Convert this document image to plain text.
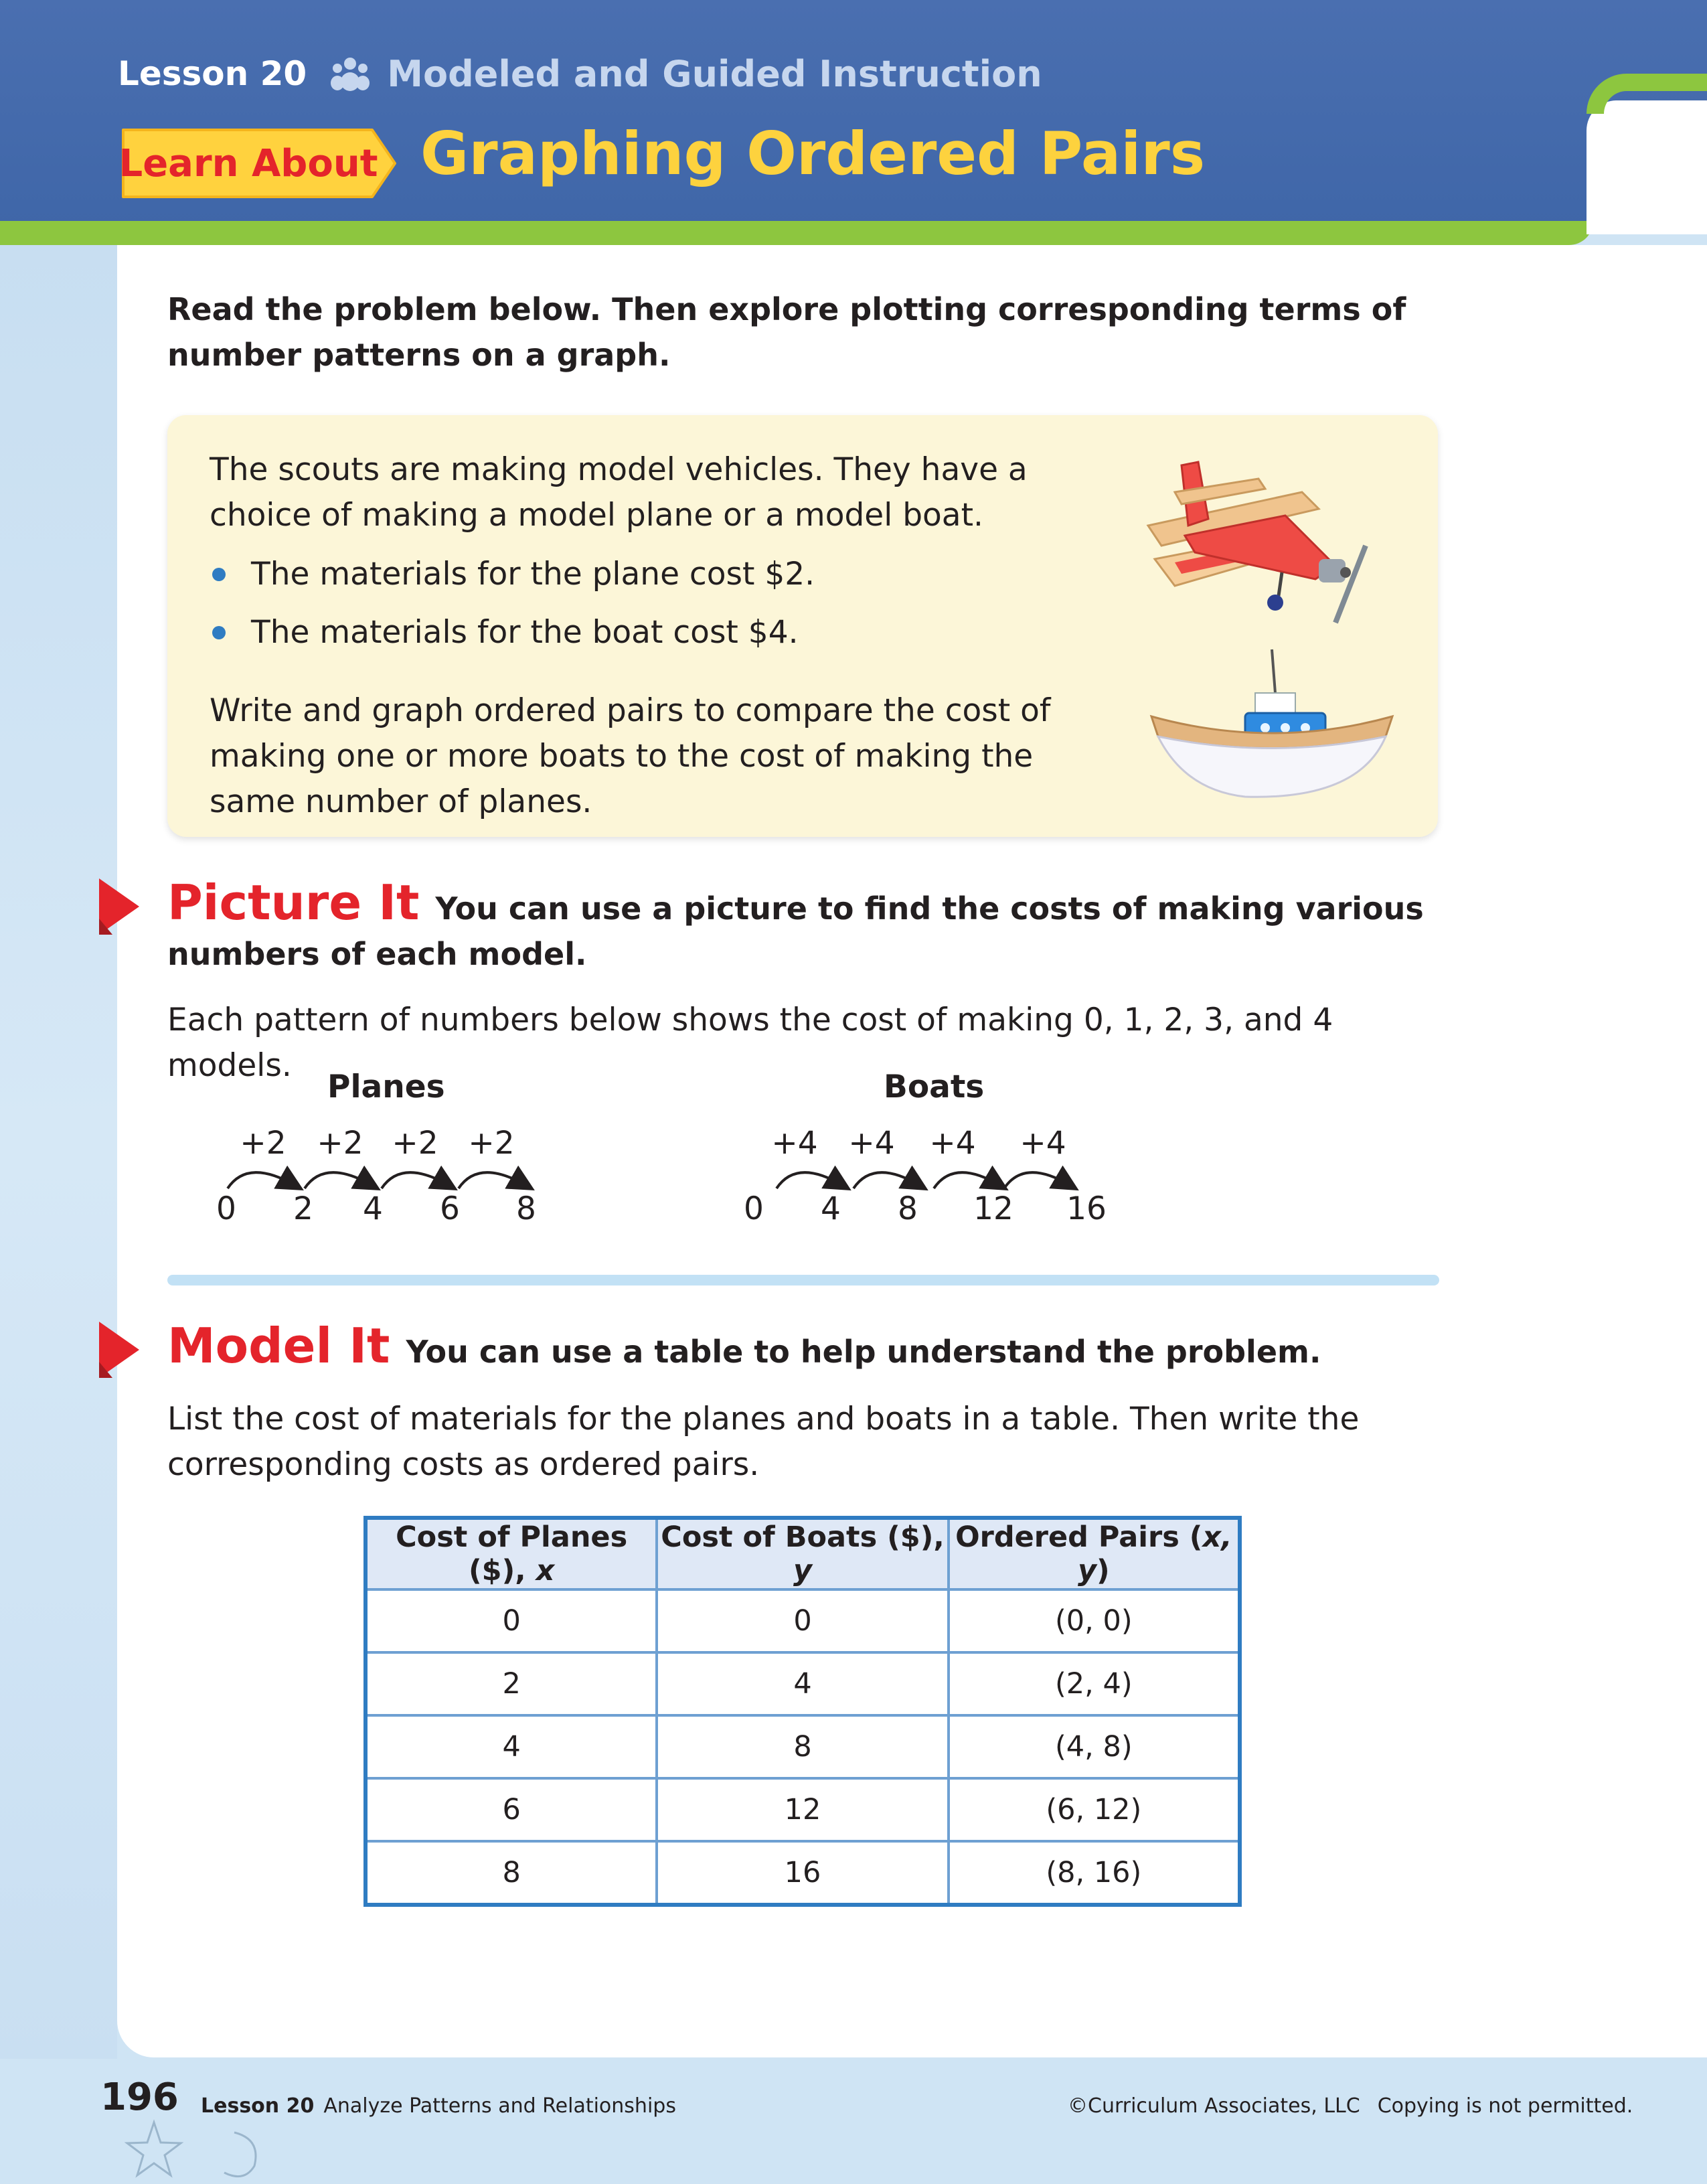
Lesson 20 Modeled and Guided Instruction
Learn About Graphing Ordered Pairs
Read the problem below. Then explore plotting corresponding terms of number patterns on a graph.
The scouts are making model vehicles. They have a choice of making a model plane or a model boat.
The materials for the plane cost $2.
The materials for the boat cost $4.
Write and graph ordered pairs to compare the cost of making one or more boats to the cost of making the same number of planes.
Picture It You can use a picture to find the costs of making various numbers of each model.
Each pattern of numbers below shows the cost of making 0, 1, 2, 3, and 4 models.
Planes	Boats
+2 +2 +2 +2
0	2	4	6	8
+4 +4	+4	+4
0	4	8	12 16
Model It You can use a table to help understand the problem.
List the cost of materials for the planes and boats in a table. Then write the corresponding costs as ordered pairs.
Cost of Planes ($), x	Cost of Boats ($), y	Ordered Pairs (x, y)
0	0	(0, 0)
2	4	(2, 4)
4	8	(4, 8)
6	12	(6, 12)
8	16	(8, 16)
196 Lesson 20 Analyze Patterns and Relationships	©Curriculum Associates, LLC Copying is not permitted.
